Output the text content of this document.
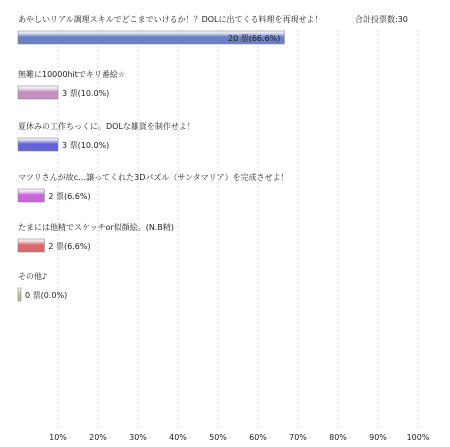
あやしいリアル調理スキルでどこまでいけるか！？DOLに出てくる料理を再現せよ！	合計投票数:30
20 票(66.6%)
無難に10000hitでキリ番絵☆
3 票(10.0%)
夏休みの工作ちっくに。DOLな雑貨を制作せよ！
3 票(10.0%)
マツリさんが故c…譲ってくれた3Dパズル（サンタマリア）を完成させよ！
2 票(6.6%)
たまには他精でスケッチor似顔絵。(N.B精)
2 票(6.6%)
その他♪
0 票(0.0%)
10%	20%	30%	40%	50%	60%	70%	80%	90% 100%
